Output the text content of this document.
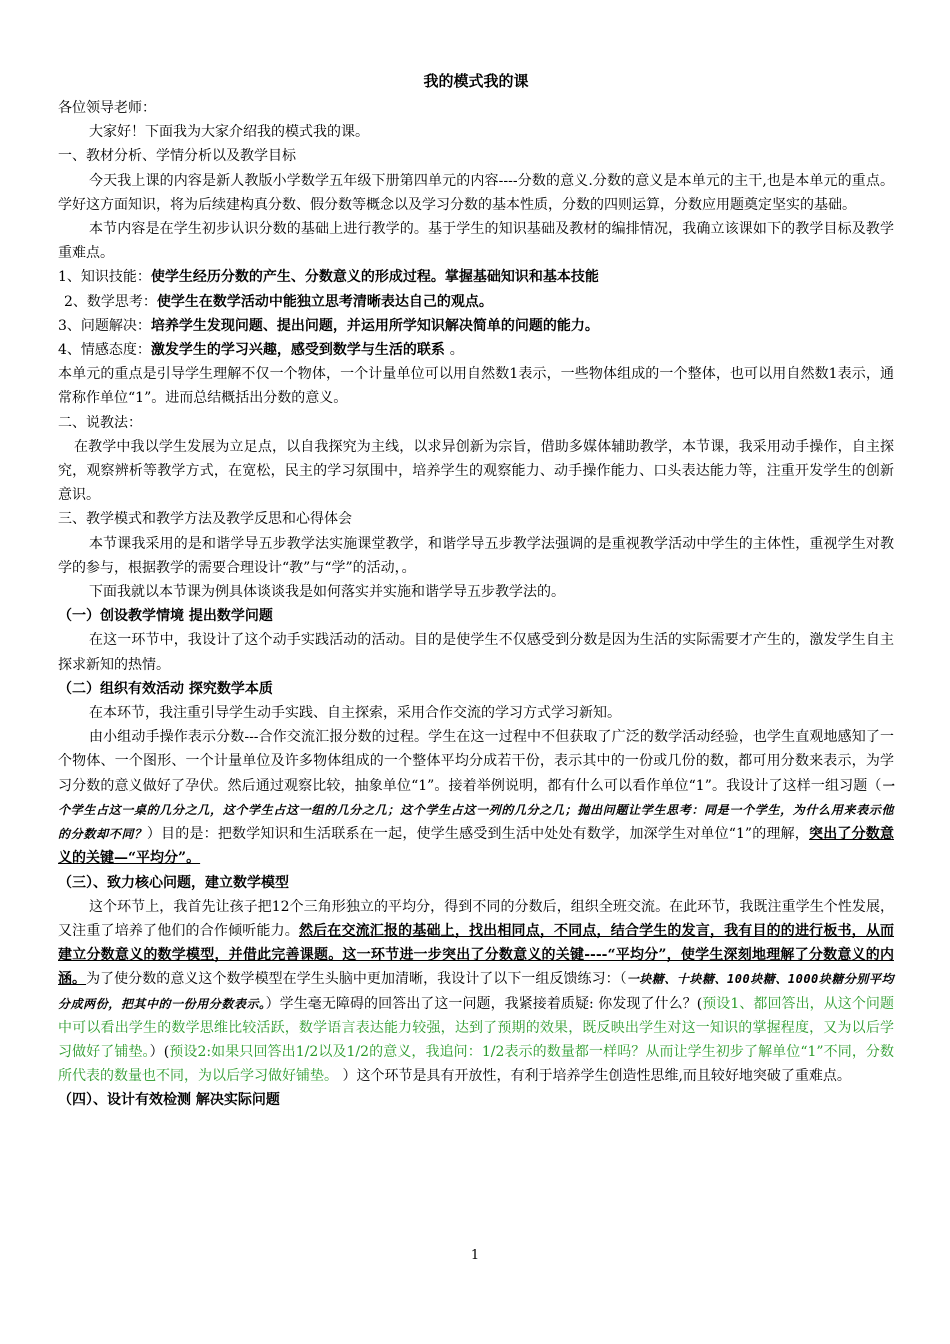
我的模式我的课

各位领导老师：

大家好！下面我为大家介绍我的模式我的课。

一、教材分析、学情分析以及教学目标

今天我上课的内容是新人教版小学数学五年级下册第四单元的内容----分数的意义.分数的意义是本单元的主干,也是本单元的重点。学好这方面知识，将为后续建构真分数、假分数等概念以及学习分数的基本性质，分数的四则运算，分数应用题奠定坚实的基础。

本节内容是在学生初步认识分数的基础上进行教学的。基于学生的知识基础及教材的编排情况，我确立该课如下的教学目标及教学重难点。

1、知识技能：使学生经历分数的产生、分数意义的形成过程。掌握基础知识和基本技能

2、数学思考：使学生在数学活动中能独立思考清晰表达自己的观点。

3、问题解决：培养学生发现问题、提出问题，并运用所学知识解决简单的问题的能力。

4、情感态度：激发学生的学习兴趣，感受到数学与生活的联系 。

本单元的重点是引导学生理解不仅一个物体，一个计量单位可以用自然数1表示，一些物体组成的一个整体，也可以用自然数1表示，通常称作单位“1”。进而总结概括出分数的意义。

二、说教法：

在教学中我以学生发展为立足点，以自我探究为主线，以求异创新为宗旨，借助多媒体辅助教学，本节课，我采用动手操作，自主探究，观察辨析等教学方式，在宽松，民主的学习氛围中，培养学生的观察能力、动手操作能力、口头表达能力等，注重开发学生的创新意识。

三、教学模式和教学方法及教学反思和心得体会

本节课我采用的是和谐学导五步教学法实施课堂教学，和谐学导五步教学法强调的是重视教学活动中学生的主体性，重视学生对教学的参与，根据教学的需要合理设计“教”与“学”的活动，。

下面我就以本节课为例具体谈谈我是如何落实并实施和谐学导五步教学法的。

（一）创设教学情境 提出数学问题

在这一环节中，我设计了这个动手实践活动的活动。目的是使学生不仅感受到分数是因为生活的实际需要才产生的，激发学生自主探求新知的热情。

（二）组织有效活动 探究数学本质

在本环节，我注重引导学生动手实践、自主探索，采用合作交流的学习方式学习新知。

由小组动手操作表示分数---合作交流汇报分数的过程。学生在这一过程中不但获取了广泛的数学活动经验，也学生直观地感知了一个物体、一个图形、一个计量单位及许多物体组成的一个整体平均分成若干份，表示其中的一份或几份的数，都可用分数来表示，为学习分数的意义做好了孕伏。然后通过观察比较，抽象单位“1”。接着举例说明，都有什么可以看作单位“1”。我设计了这样一组习题（一个学生占这一桌的几分之几，这个学生占这一组的几分之几；这个学生占这一列的几分之几；抛出问题让学生思考：同是一个学生，为什么用来表示他的分数却不同？）目的是：把数学知识和生活联系在一起，使学生感受到生活中处处有数学，加深学生对单位“1”的理解，突出了分数意义的关键—“平均分”。

（三）、致力核心问题，建立数学模型

这个环节上，我首先让孩子把12个三角形独立的平均分，得到不同的分数后，组织全班交流。在此环节，我既注重学生个性发展，又注重了培养了他们的合作倾听能力。然后在交流汇报的基础上，找出相同点，不同点，结合学生的发言，我有目的的进行板书，从而建立分数意义的数学模型，并借此完善课题。这一环节进一步突出了分数意义的关键----“平均分”，使学生深刻地理解了分数意义的内涵。为了使分数的意义这个数学模型在学生头脑中更加清晰，我设计了以下一组反馈练习：（一块糖、十块糖、100块糖、1000块糖分别平均分成两份，把其中的一份用分数表示。）学生毫无障碍的回答出了这一问题，我紧接着质疑: 你发现了什么？(预设1、都回答出，从这个问题中可以看出学生的数学思维比较活跃，数学语言表达能力较强，达到了预期的效果，既反映出学生对这一知识的掌握程度，又为以后学习做好了铺垫。）(预设2:如果只回答出1/2以及1/2的意义，我追问：1/2表示的数量都一样吗？从而让学生初步了解单位“1”不同，分数所代表的数量也不同，为以后学习做好铺垫。 ）这个环节是具有开放性，有利于培养学生创造性思维,而且较好地突破了重难点。

（四）、设计有效检测 解决实际问题

1
